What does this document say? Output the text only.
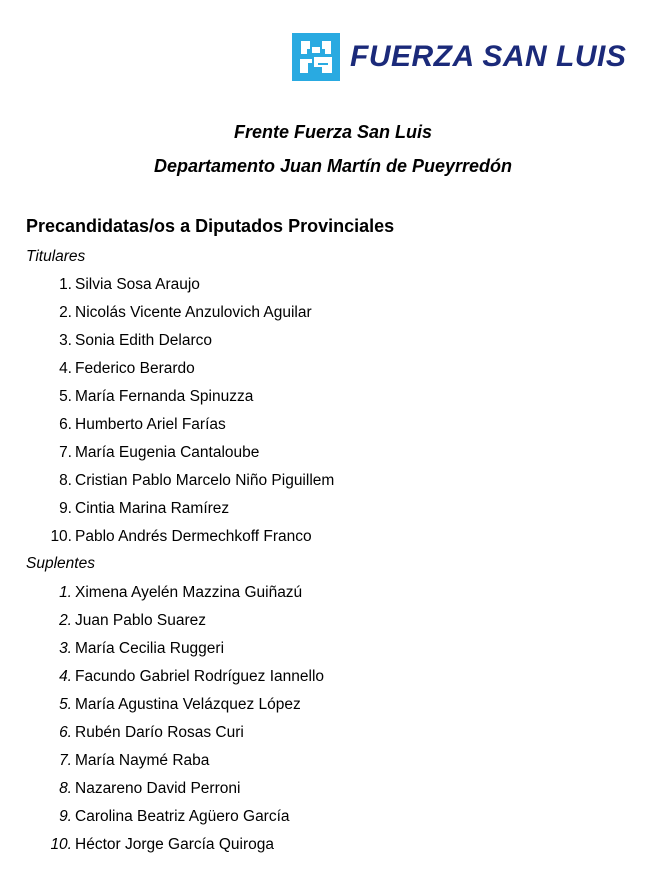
FUERZA SAN LUIS
Frente Fuerza San Luis
Departamento Juan Martín de Pueyrredón
Precandidatas/os a Diputados Provinciales
Titulares
1. Silvia Sosa Araujo
2. Nicolás Vicente Anzulovich Aguilar
3. Sonia Edith Delarco
4. Federico Berardo
5. María Fernanda Spinuzza
6. Humberto Ariel Farías
7. María Eugenia Cantaloube
8. Cristian Pablo Marcelo Niño Piguillem
9. Cintia Marina Ramírez
10. Pablo Andrés Dermechkoff Franco
Suplentes
1. Ximena Ayelén Mazzina Guiñazú
2. Juan Pablo Suarez
3. María Cecilia Ruggeri
4. Facundo Gabriel Rodríguez Iannello
5. María Agustina Velázquez López
6. Rubén Darío Rosas Curi
7. María Naymé Raba
8. Nazareno David Perroni
9. Carolina Beatriz Agüero García
10. Héctor Jorge García Quiroga
